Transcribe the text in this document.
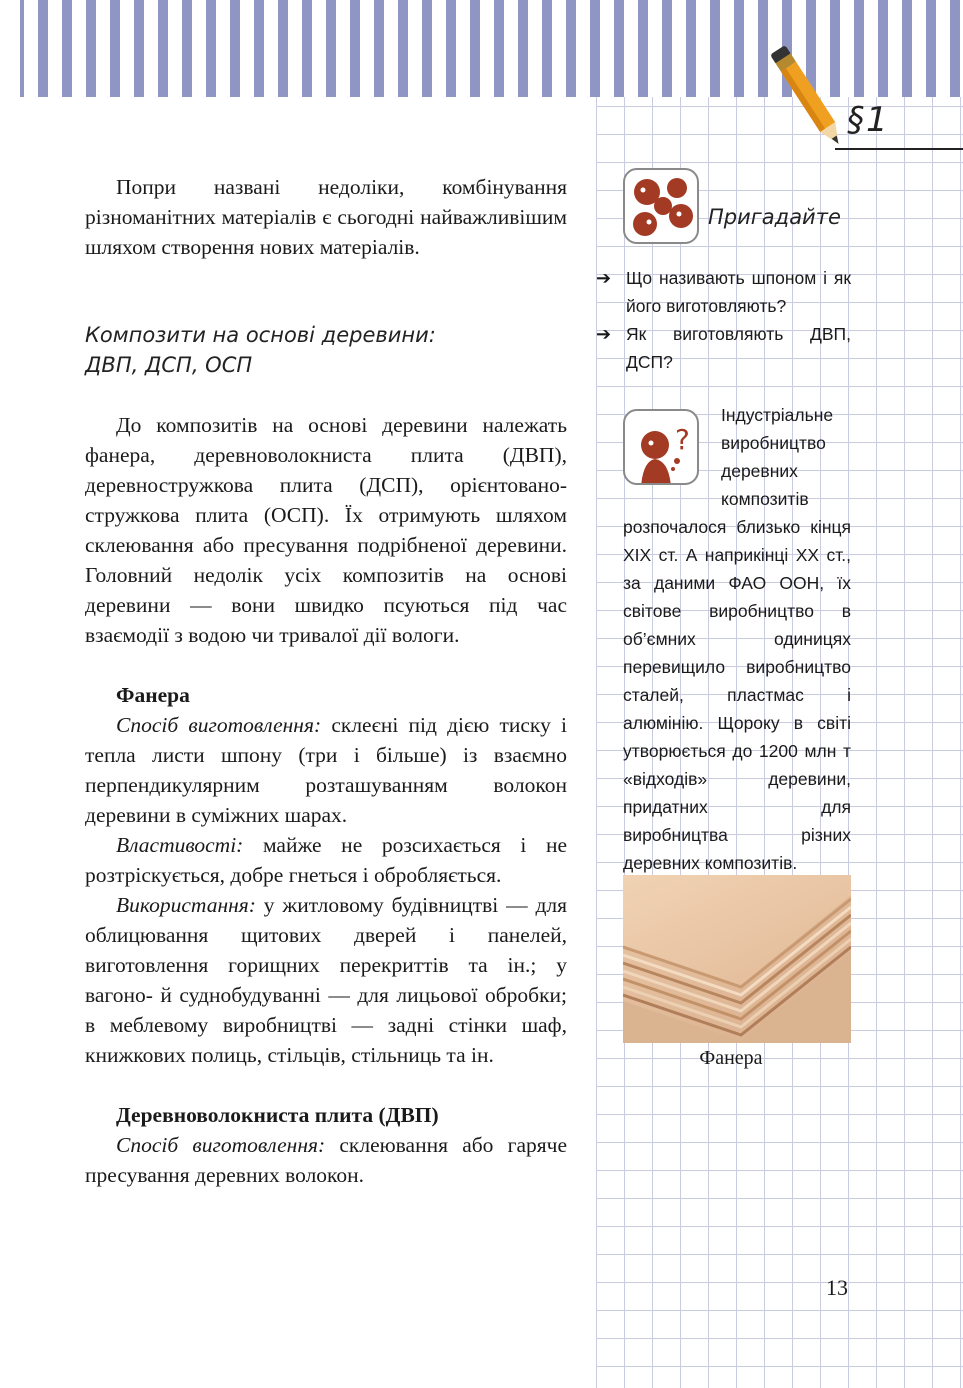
§1

Попри названі недоліки, комбінування різноманітних матеріалів є сьогодні найважливішим шляхом створення нових матеріалів.

Композити на основі деревини:
ДВП, ДСП, ОСП

До композитів на основі деревини належать фанера, деревноволокниста плита (ДВП), деревностружкова плита (ДСП), орієнтовано-стружкова плита (ОСП). Їх отримують шляхом склеювання або пресування подрібненої деревини. Головний недолік усіх композитів на основі деревини — вони швидко псуються під час взаємодії з водою чи тривалої дії вологи.

Фанера

Спосіб виготовлення: склеєні під дією тиску і тепла листи шпону (три і більше) із взаємно перпендикулярним розташуванням волокон деревини в суміжних шарах.

Властивості: майже не розсихається і не розтріскується, добре гнеться і обробляється.

Використання: у житловому будівництві — для облицювання щитових дверей і панелей, виготовлення горищних перекриттів та ін.; у вагоно- й суднобудуванні — для лицьової обробки; в меблевому виробництві — задні стінки шаф, книжкових полиць, стільців, стільниць та ін.

Деревноволокниста плита (ДВП)

Спосіб виготовлення: склеювання або гаряче пресування деревних волокон.

Пригадайте
➔ Що називають шпоном і як його виготовляють?
➔ Як виготовляють ДВП, ДСП?
?
Індустріальне виробництво деревних композитів розпочалося близько кінця XIX ст. А наприкінці XX ст., за даними ФАО ООН, їх світове виробництво в об’ємних одиницях перевищило виробництво сталей, пластмас і алюмінію. Щороку в світі утворюється до 1200 млн т «відходів» деревини, придатних для виробництва різних деревних композитів.
Фанера
13
